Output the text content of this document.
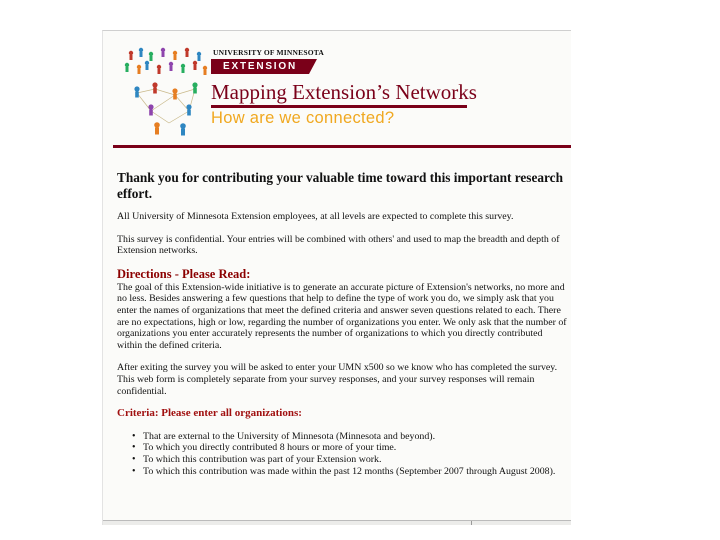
UNIVERSITY OF MINNESOTA
EXTENSION
Mapping Extension’s Networks
How are we connected?
Thank you for contributing your valuable time toward this important research effort.

All University of Minnesota Extension employees, at all levels are expected to complete this survey.

This survey is confidential. Your entries will be combined with others' and used to map the breadth and depth of Extension networks.

Directions - Please Read:

The goal of this Extension-wide initiative is to generate an accurate picture of Extension's networks, no more and no less. Besides answering a few questions that help to define the type of work you do, we simply ask that you enter the names of organizations that meet the defined criteria and answer seven questions related to each. There are no expectations, high or low, regarding the number of organizations you enter. We only ask that the number of organizations you enter accurately represents the number of organizations to which you directly contributed within the defined criteria.

After exiting the survey you will be asked to enter your UMN x500 so we know who has completed the survey. This web form is completely separate from your survey responses, and your survey responses will remain confidential.

Criteria: Please enter all organizations:
• That are external to the University of Minnesota (Minnesota and beyond).
• To which you directly contributed 8 hours or more of your time.
• To which this contribution was part of your Extension work.
• To which this contribution was made within the past 12 months (September 2007 through August 2008).
